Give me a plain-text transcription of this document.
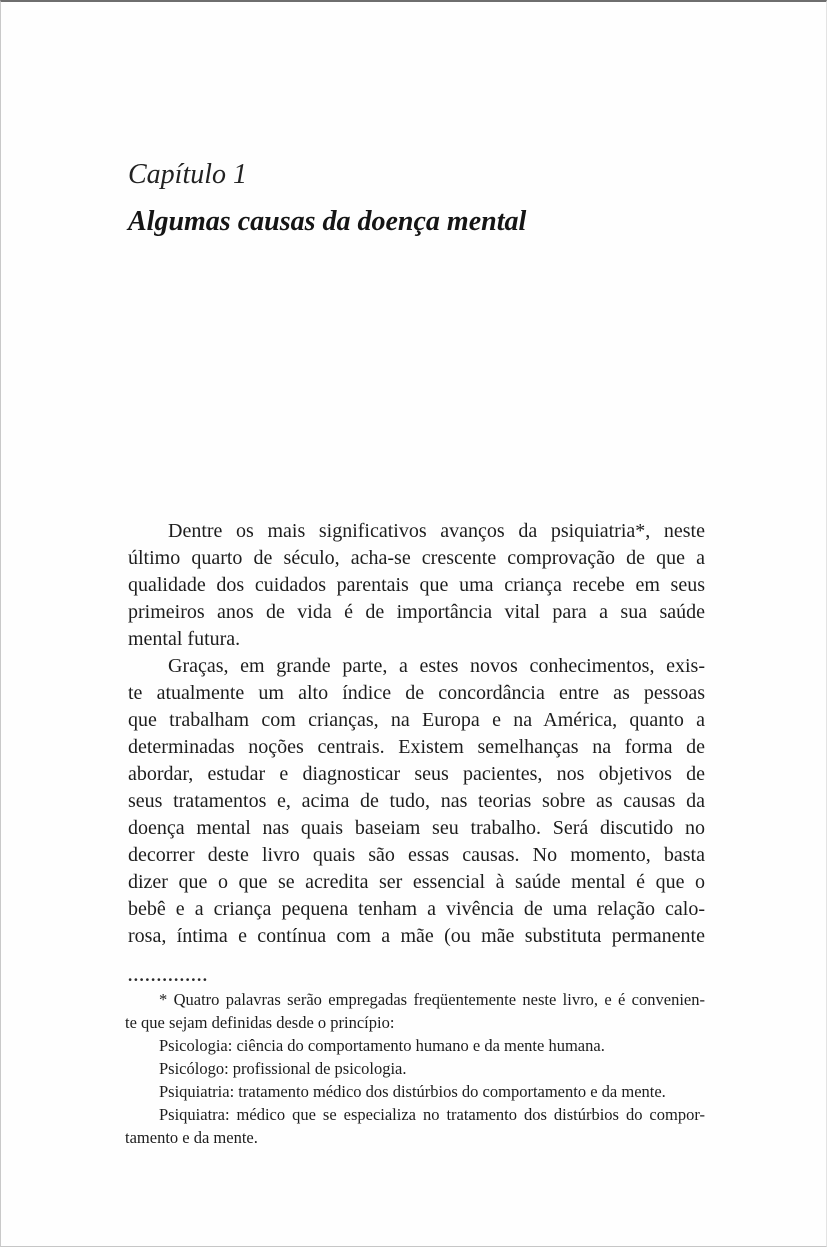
Capítulo 1
Algumas causas da doença mental
Dentre os mais significativos avanços da psiquiatria*, neste
último quarto de século, acha-se crescente comprovação de que a
qualidade dos cuidados parentais que uma criança recebe em seus
primeiros anos de vida é de importância vital para a sua saúde
mental futura.
Graças, em grande parte, a estes novos conhecimentos, exis-
te atualmente um alto índice de concordância entre as pessoas
que trabalham com crianças, na Europa e na América, quanto a
determinadas noções centrais. Existem semelhanças na forma de
abordar, estudar e diagnosticar seus pacientes, nos objetivos de
seus tratamentos e, acima de tudo, nas teorias sobre as causas da
doença mental nas quais baseiam seu trabalho. Será discutido no
decorrer deste livro quais são essas causas. No momento, basta
dizer que o que se acredita ser essencial à saúde mental é que o
bebê e a criança pequena tenham a vivência de uma relação calo-
rosa, íntima e contínua com a mãe (ou mãe substituta permanente
..............
* Quatro palavras serão empregadas freqüentemente neste livro, e é convenien-
te que sejam definidas desde o princípio:
Psicologia: ciência do comportamento humano e da mente humana.
Psicólogo: profissional de psicologia.
Psiquiatria: tratamento médico dos distúrbios do comportamento e da mente.
Psiquiatra: médico que se especializa no tratamento dos distúrbios do compor-
tamento e da mente.
